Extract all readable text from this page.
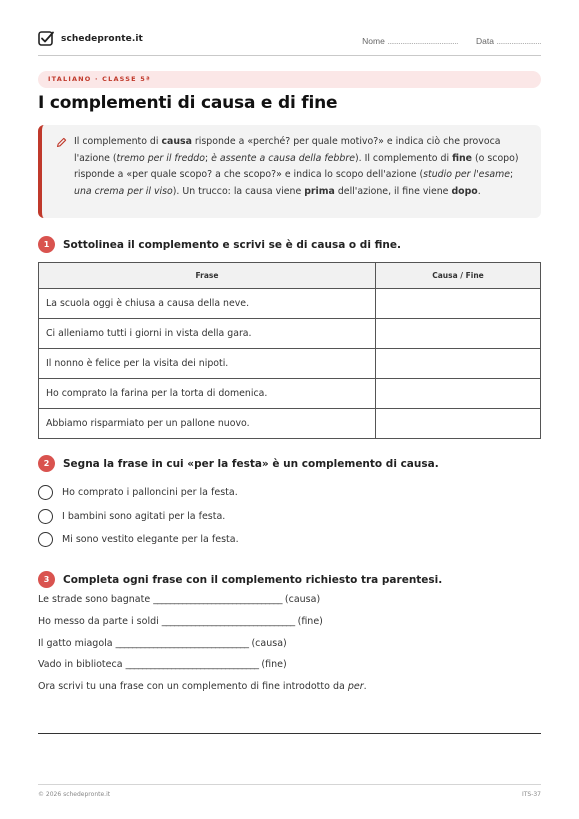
schedepronte.it	Nome ...................................... Data ........................
ITALIANO · CLASSE 5ª
I complementi di causa e di fine
Il complemento di causa risponde a «perché? per quale motivo?» e indica ciò che provoca l'azione (tremo per il freddo; è assente a causa della febbre). Il complemento di fine (o scopo) risponde a «per quale scopo? a che scopo?» e indica lo scopo dell'azione (studio per l'esame; una crema per il viso). Un trucco: la causa viene prima dell'azione, il fine viene dopo.
1	Sottolinea il complemento e scrivi se è di causa o di fine.
Frase	Causa / Fine
La scuola oggi è chiusa a causa della neve.	
Ci alleniamo tutti i giorni in vista della gara.	
Il nonno è felice per la visita dei nipoti.	
Ho comprato la farina per la torta di domenica.	
Abbiamo risparmiato per un pallone nuovo.	
2	Segna la frase in cui «per la festa» è un complemento di causa.
Ho comprato i palloncini per la festa.
I bambini sono agitati per la festa.
Mi sono vestito elegante per la festa.
3	Completa ogni frase con il complemento richiesto tra parentesi.
Le strade sono bagnate _______________________________ (causa)
Ho messo da parte i soldi ________________________________ (fine)
Il gatto miagola ________________________________ (causa)
Vado in biblioteca ________________________________ (fine)
Ora scrivi tu una frase con un complemento di fine introdotto da per.
© 2026 schedepronte.it	ITS-37
